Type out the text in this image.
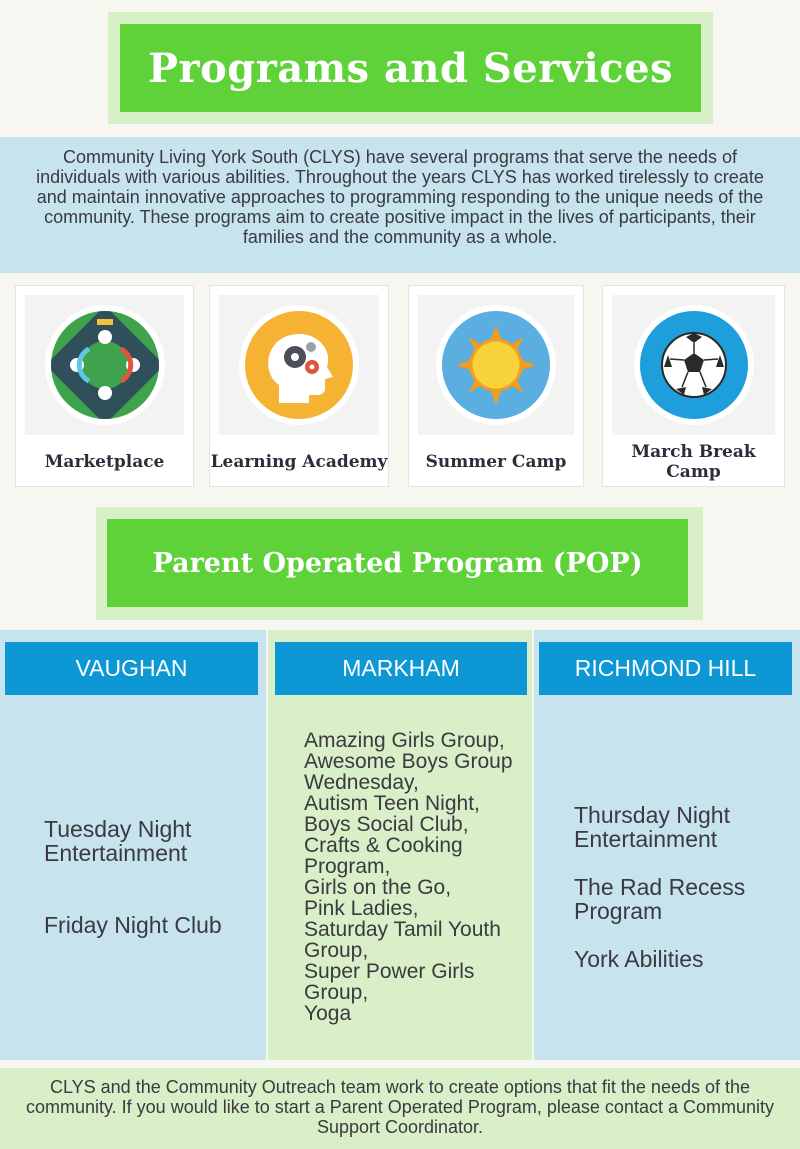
Programs and Services
Community Living York South (CLYS) have several programs that serve the needs of individuals with various abilities. Throughout the years CLYS has worked tirelessly to create and maintain innovative approaches to programming responding to the unique needs of the community. These programs aim to create positive impact in the lives of participants, their families and the community as a whole.
Marketplace	Learning Academy	Summer Camp	March Break Camp
Parent Operated Program (POP)
VAUGHAN

Tuesday Night Entertainment

Friday Night Club

MARKHAM
Amazing Girls Group,
Awesome Boys Group Wednesday,
Autism Teen Night,
Boys Social Club,
Crafts & Cooking Program,
Girls on the Go,
Pink Ladies,
Saturday Tamil Youth Group,
Super Power Girls Group,
Yoga
RICHMOND HILL

Thursday Night Entertainment

The Rad Recess Program

York Abilities

CLYS and the Community Outreach team work to create options that fit the needs of the community. If you would like to start a Parent Operated Program, please contact a Community Support Coordinator.
